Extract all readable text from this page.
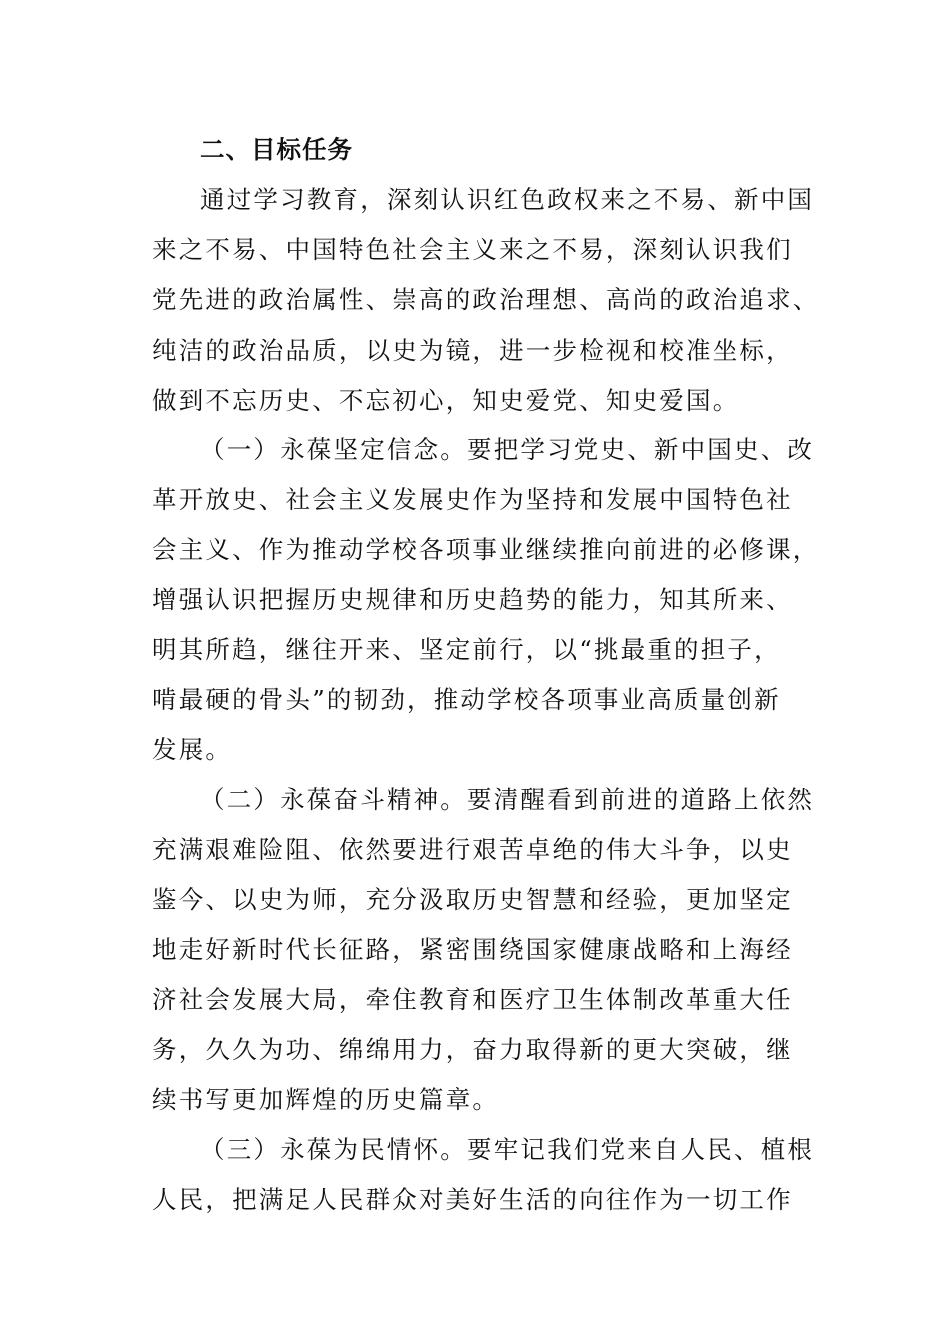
二、目标任务

通过学习教育，深刻认识红色政权来之不易、新中国

来之不易、中国特色社会主义来之不易，深刻认识我们

党先进的政治属性、崇高的政治理想、高尚的政治追求、

纯洁的政治品质，以史为镜，进一步检视和校准坐标，

做到不忘历史、不忘初心，知史爱党、知史爱国。

（一）永葆坚定信念。要把学习党史、新中国史、改

革开放史、社会主义发展史作为坚持和发展中国特色社

会主义、作为推动学校各项事业继续推向前进的必修课，

增强认识把握历史规律和历史趋势的能力，知其所来、

明其所趋，继往开来、坚定前行，以“挑最重的担子，

啃最硬的骨头”的韧劲，推动学校各项事业高质量创新

发展。

（二）永葆奋斗精神。要清醒看到前进的道路上依然

充满艰难险阻、依然要进行艰苦卓绝的伟大斗争，以史

鉴今、以史为师，充分汲取历史智慧和经验，更加坚定

地走好新时代长征路，紧密围绕国家健康战略和上海经

济社会发展大局，牵住教育和医疗卫生体制改革重大任

务，久久为功、绵绵用力，奋力取得新的更大突破，继

续书写更加辉煌的历史篇章。

（三）永葆为民情怀。要牢记我们党来自人民、植根

人民，把满足人民群众对美好生活的向往作为一切工作
